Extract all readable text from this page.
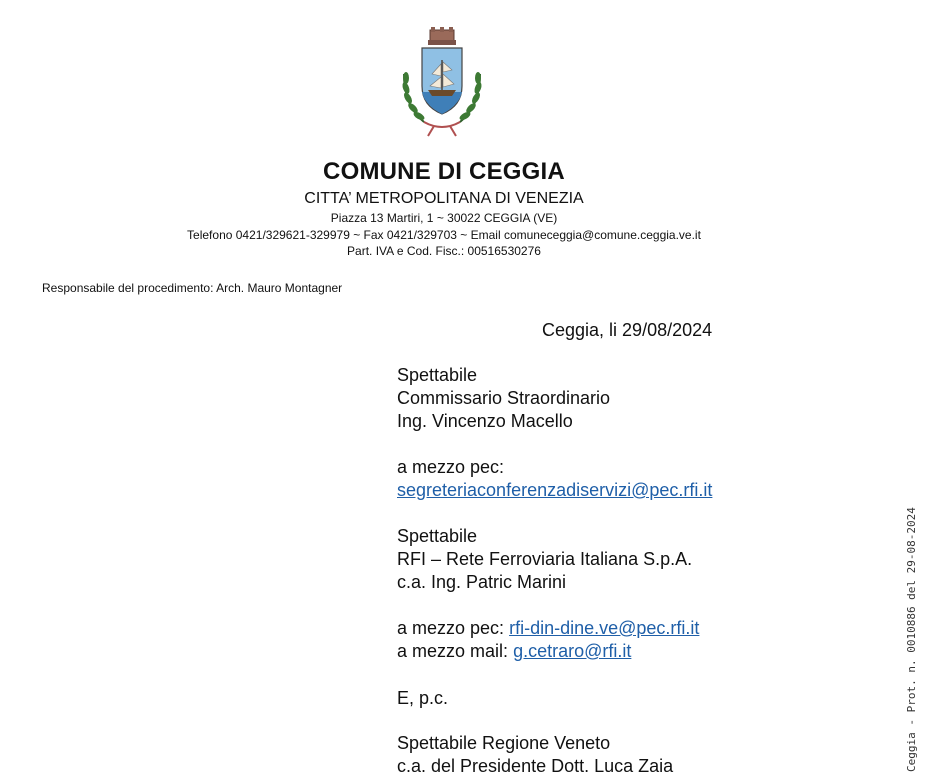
COMUNE DI CEGGIA
CITTA’ METROPOLITANA DI VENEZIA
Piazza 13 Martiri, 1 ~ 30022 CEGGIA (VE)
Telefono 0421/329621-329979 ~ Fax 0421/329703 ~ Email comuneceggia@comune.ceggia.ve.it
Part. IVA e Cod. Fisc.: 00516530276
Responsabile del procedimento: Arch. Mauro Montagner
Ceggia, li 29/08/2024
Spettabile
Commissario Straordinario
Ing. Vincenzo Macello
a mezzo pec:
segreteriaconferenzadiservizi@pec.rfi.it
Spettabile
RFI – Rete Ferroviaria Italiana S.p.A.
c.a. Ing. Patric Marini
a mezzo pec: rfi-din-dine.ve@pec.rfi.it
a mezzo mail: g.cetraro@rfi.it
E, p.c.
Spettabile Regione Veneto
c.a. del Presidente Dott. Luca Zaia	Ceggia - Prot. n. 0010886 del 29-08-2024
